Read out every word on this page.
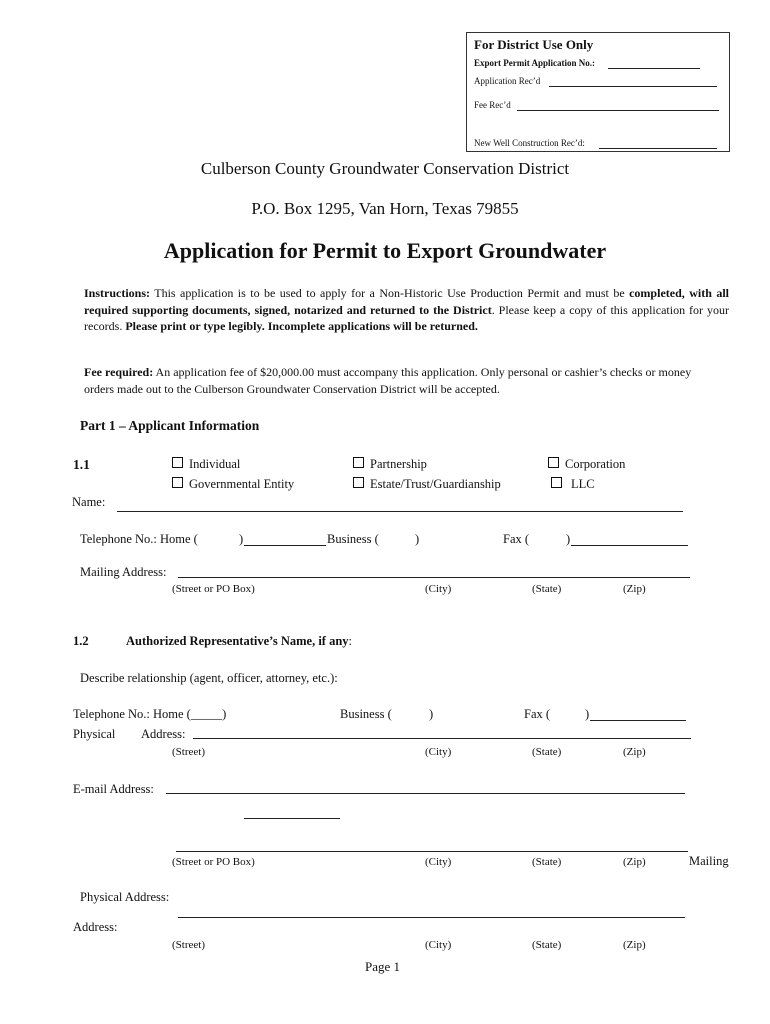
For District Use Only
Export Permit Application No.:
Application Rec’d
Fee Rec’d
New Well Construction Rec’d:
Culberson County Groundwater Conservation District
P.O. Box 1295, Van Horn, Texas 79855
Application for Permit to Export Groundwater
Instructions: This application is to be used to apply for a Non-Historic Use Production Permit and must be completed, with all required supporting documents, signed, notarized and returned to the District. Please keep a copy of this application for your records. Please print or type legibly. Incomplete applications will be returned.
Fee required: An application fee of $20,000.00 must accompany this application. Only personal or cashier’s checks or money orders made out to the Culberson Groundwater Conservation District will be accepted.
Part 1 – Applicant Information
1.1	Individual
Governmental Entity
Partnership
Estate/Trust/Guardianship
Corporation
LLC
Name:
Telephone No.: Home (	)	Business (	)	Fax (	)
Mailing Address:
(Street or PO Box)	(City)	(State)	(Zip)
1.2	Authorized Representative’s Name, if any:
Describe relationship (agent, officer, attorney, etc.):
Telephone No.: Home (_____)	Business (	)	Fax (	)
Physical Address:
(Street)	(City)	(State)	(Zip)
E-mail Address:
(Street or PO Box)	(City)	(State)	(Zip)	Mailing
Physical Address:
Address:
(Street)	(City)	(State)	(Zip)
Page 1
